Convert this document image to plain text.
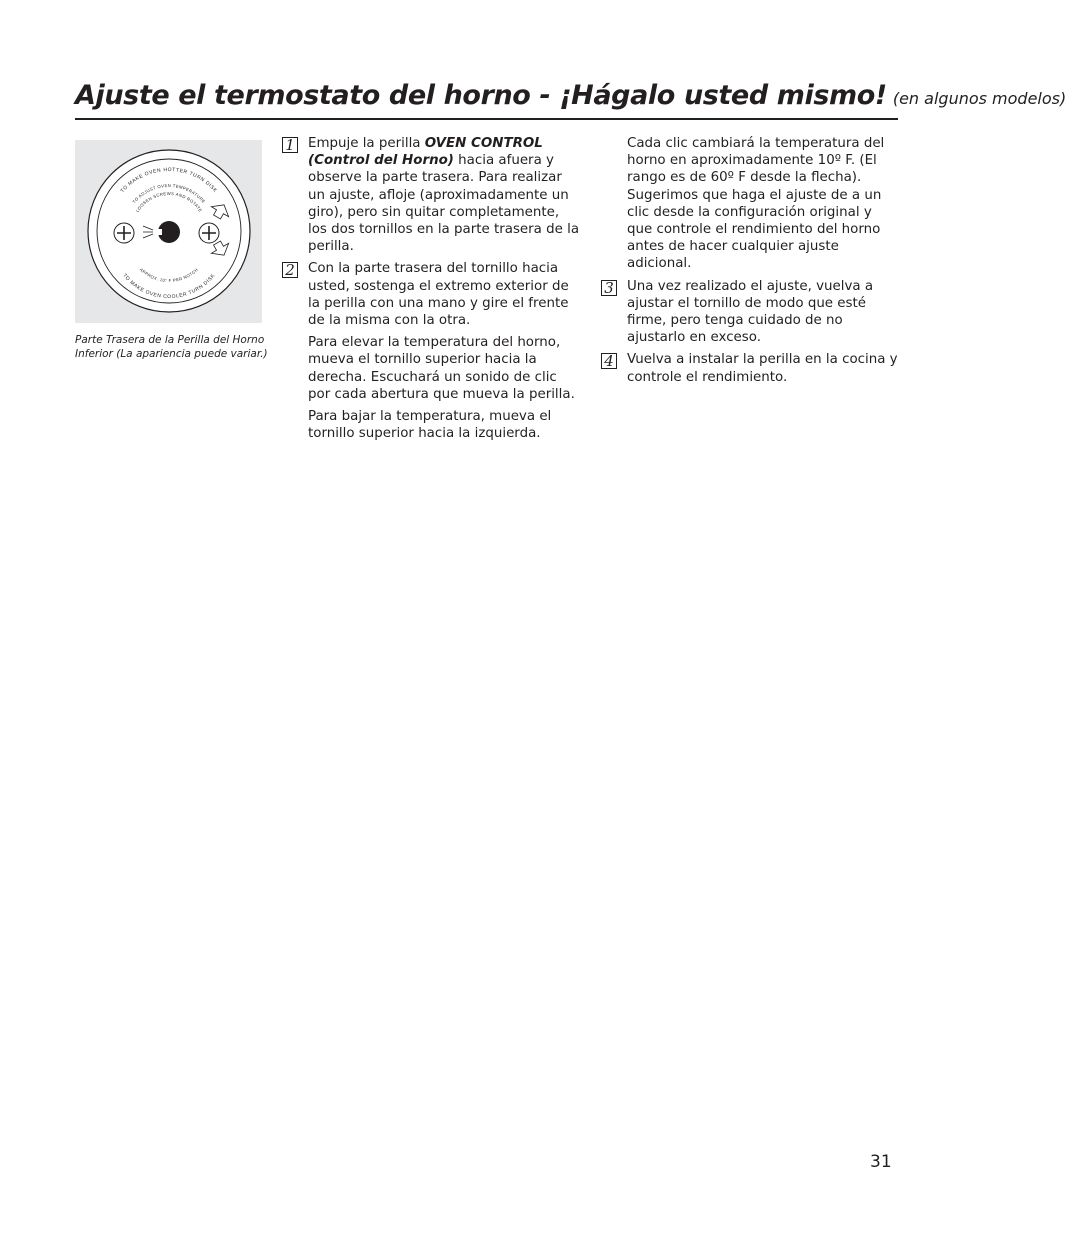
Ajuste el termostato del horno - ¡Hágalo usted mismo! (en algunos modelos)
TO MAKE OVEN HOTTER TURN DISK
TO ADJUST OVEN TEMPERATURE
LOOSEN SCREWS AND ROTATE
APPROX. 10° F PER NOTCH
TO MAKE OVEN COOLER TURN DISK
Parte Trasera de la Perilla del Horno Inferior (La apariencia puede variar.)
1 Empuje la perilla OVEN CONTROL (Control del Horno) hacia afuera y observe la parte trasera. Para realizar un ajuste, afloje (aproximadamente un giro), pero sin quitar completamente, los dos tornillos en la parte trasera de la perilla.

2 Con la parte trasera del tornillo hacia usted, sostenga el extremo exterior de la perilla con una mano y gire el frente de la misma con la otra.

Para elevar la temperatura del horno, mueva el tornillo superior hacia la derecha. Escuchará un sonido de clic por cada abertura que mueva la perilla.

Para bajar la temperatura, mueva el tornillo superior hacia la izquierda.

Cada clic cambiará la temperatura del horno en aproximadamente 10º F. (El rango es de 60º F desde la flecha). Sugerimos que haga el ajuste de a un clic desde la configuración original y que controle el rendimiento del horno antes de hacer cualquier ajuste adicional.

3 Una vez realizado el ajuste, vuelva a ajustar el tornillo de modo que esté firme, pero tenga cuidado de no ajustarlo en exceso.

4 Vuelva a instalar la perilla en la cocina y controle el rendimiento.

31
